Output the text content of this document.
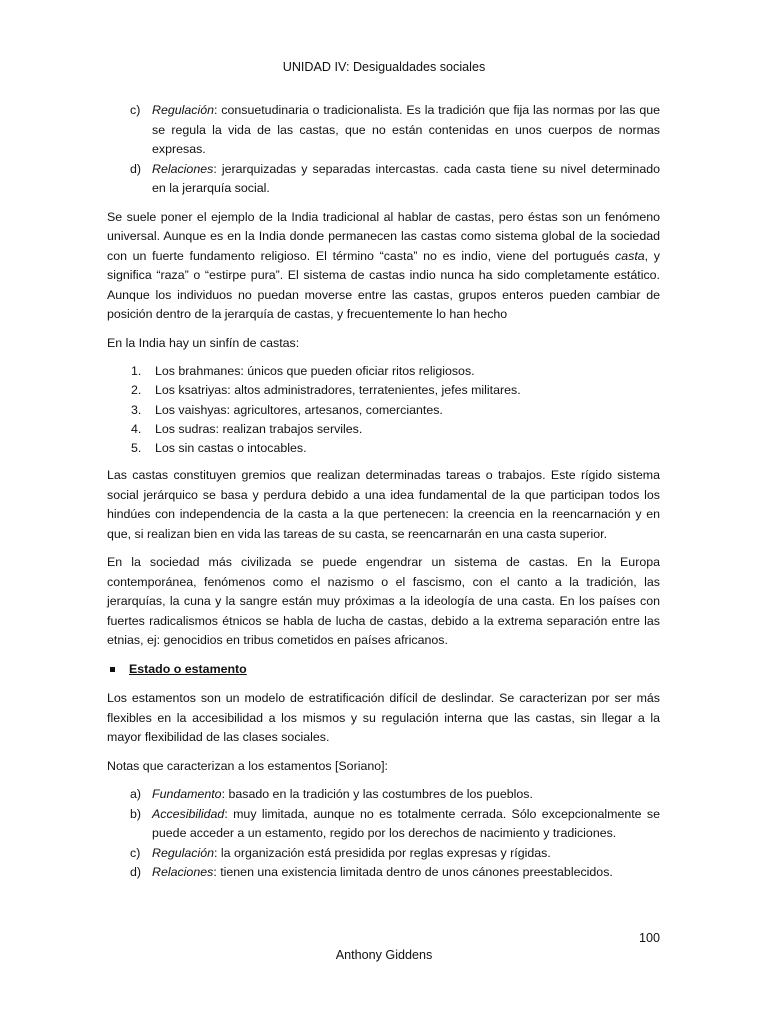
UNIDAD IV: Desigualdades sociales
c) Regulación: consuetudinaria o tradicionalista. Es la tradición que fija las normas por las que se regula la vida de las castas, que no están contenidas en unos cuerpos de normas expresas.
d) Relaciones: jerarquizadas y separadas intercastas. cada casta tiene su nivel determinado en la jerarquía social.

Se suele poner el ejemplo de la India tradicional al hablar de castas, pero éstas son un fenómeno universal. Aunque es en la India donde permanecen las castas como sistema global de la sociedad con un fuerte fundamento religioso. El término “casta” no es indio, viene del portugués casta, y significa “raza” o “estirpe pura”. El sistema de castas indio nunca ha sido completamente estático. Aunque los individuos no puedan moverse entre las castas, grupos enteros pueden cambiar de posición dentro de la jerarquía de castas, y frecuentemente lo han hecho

En la India hay un sinfín de castas:

1. Los brahmanes: únicos que pueden oficiar ritos religiosos.
2. Los ksatriyas: altos administradores, terratenientes, jefes militares.
3. Los vaishyas: agricultores, artesanos, comerciantes.
4. Los sudras: realizan trabajos serviles.
5. Los sin castas o intocables.

Las castas constituyen gremios que realizan determinadas tareas o trabajos. Este rígido sistema social jerárquico se basa y perdura debido a una idea fundamental de la que participan todos los hindúes con independencia de la casta a la que pertenecen: la creencia en la reencarnación y en que, si realizan bien en vida las tareas de su casta, se reencarnarán en una casta superior.

En la sociedad más civilizada se puede engendrar un sistema de castas. En la Europa contemporánea, fenómenos como el nazismo o el fascismo, con el canto a la tradición, las jerarquías, la cuna y la sangre están muy próximas a la ideología de una casta. En los países con fuertes radicalismos étnicos se habla de lucha de castas, debido a la extrema separación entre las etnias, ej: genocidios en tribus cometidos en países africanos.

Estado o estamento

Los estamentos son un modelo de estratificación difícil de deslindar. Se caracterizan por ser más flexibles en la accesibilidad a los mismos y su regulación interna que las castas, sin llegar a la mayor flexibilidad de las clases sociales.

Notas que caracterizan a los estamentos [Soriano]:

a) Fundamento: basado en la tradición y las costumbres de los pueblos.
b) Accesibilidad: muy limitada, aunque no es totalmente cerrada. Sólo excepcionalmente se puede acceder a un estamento, regido por los derechos de nacimiento y tradiciones.
c) Regulación: la organización está presidida por reglas expresas y rígidas.
d) Relaciones: tienen una existencia limitada dentro de unos cánones preestablecidos.
100
Anthony Giddens
